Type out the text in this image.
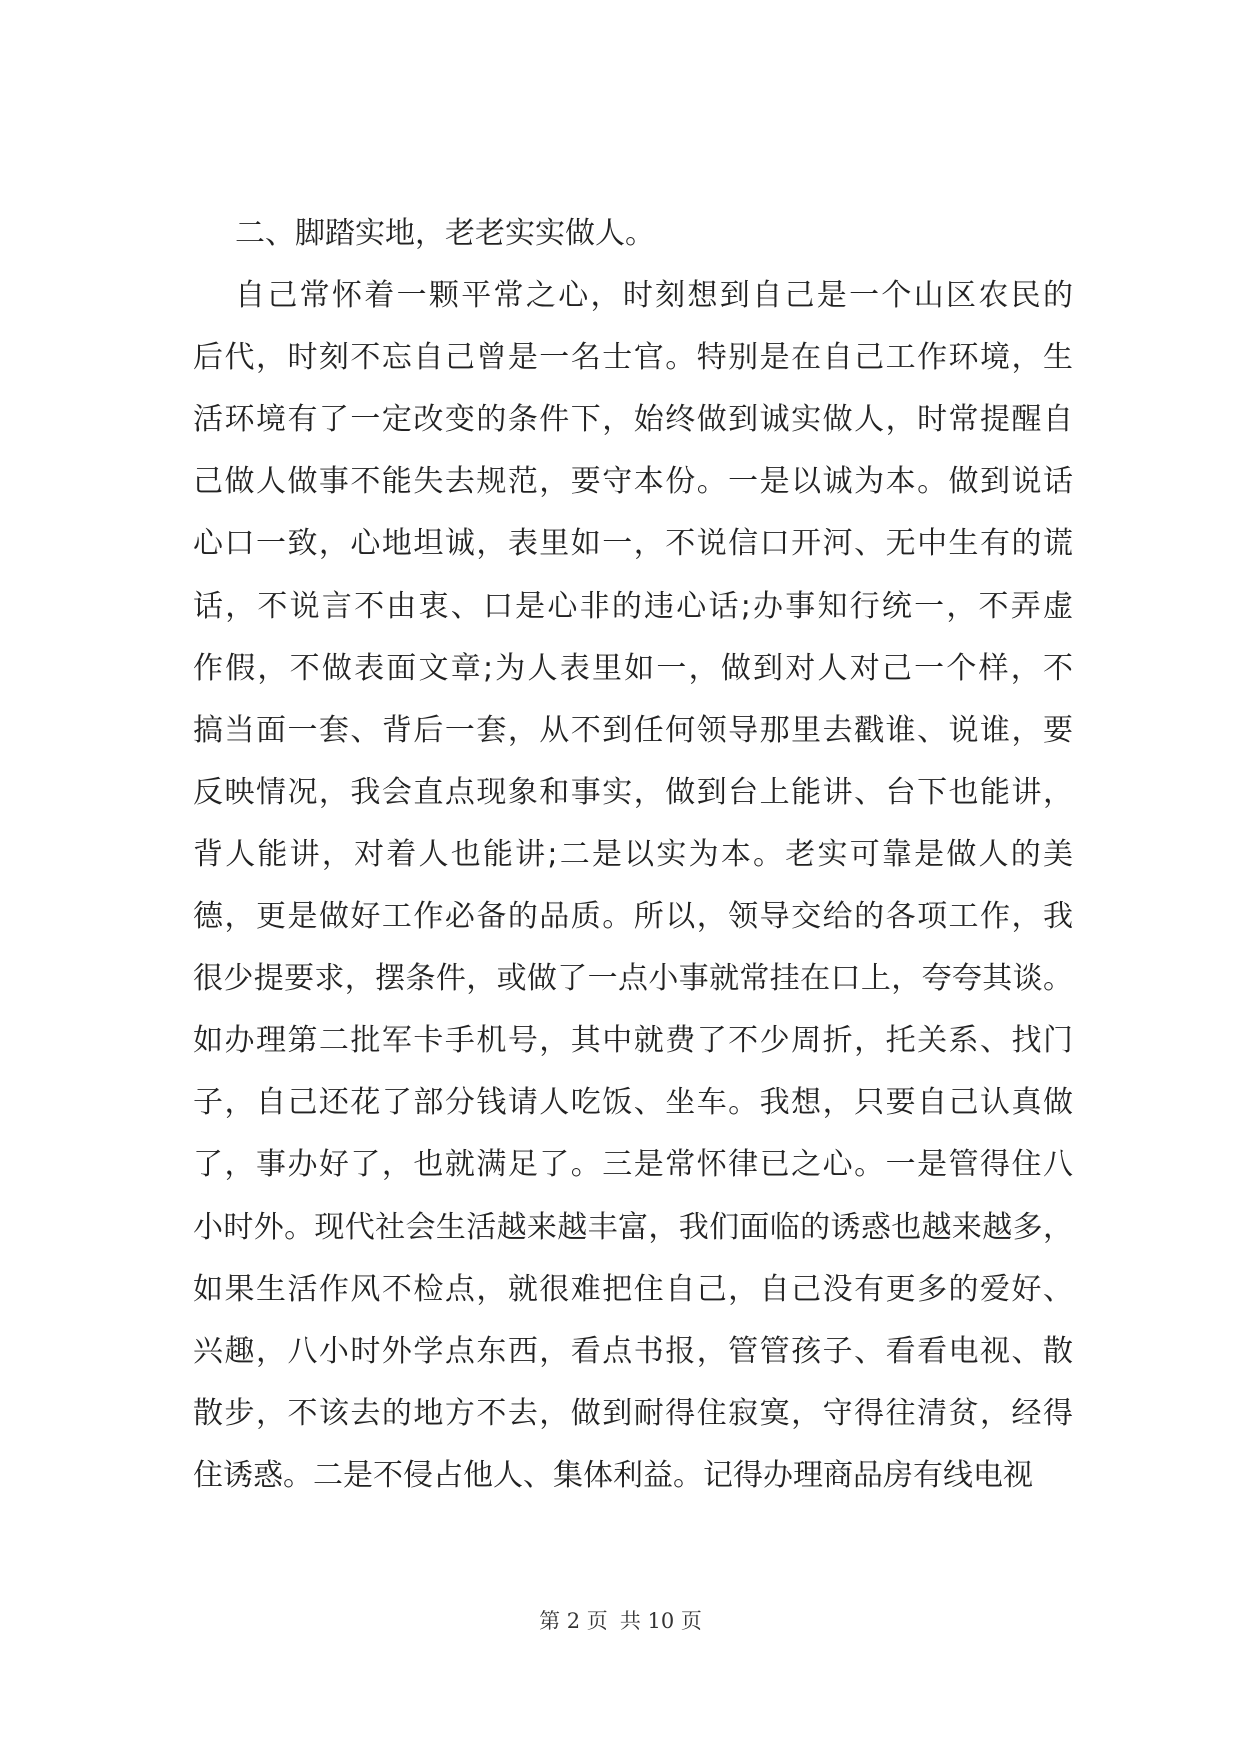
二、脚踏实地，老老实实做人。
自己常怀着一颗平常之心，时刻想到自己是一个山区农民的
后代，时刻不忘自己曾是一名士官。特别是在自己工作环境，生
活环境有了一定改变的条件下，始终做到诚实做人，时常提醒自
己做人做事不能失去规范，要守本份。一是以诚为本。做到说话
心口一致，心地坦诚，表里如一，不说信口开河、无中生有的谎
话，不说言不由衷、口是心非的违心话;办事知行统一，不弄虚
作假，不做表面文章;为人表里如一，做到对人对己一个样，不
搞当面一套、背后一套，从不到任何领导那里去戳谁、说谁，要
反映情况，我会直点现象和事实，做到台上能讲、台下也能讲，
背人能讲，对着人也能讲;二是以实为本。老实可靠是做人的美
德，更是做好工作必备的品质。所以，领导交给的各项工作，我
很少提要求，摆条件，或做了一点小事就常挂在口上，夸夸其谈。
如办理第二批军卡手机号，其中就费了不少周折，托关系、找门
子，自己还花了部分钱请人吃饭、坐车。我想，只要自己认真做
了，事办好了，也就满足了。三是常怀律已之心。一是管得住八
小时外。现代社会生活越来越丰富，我们面临的诱惑也越来越多，
如果生活作风不检点，就很难把住自己，自己没有更多的爱好、
兴趣，八小时外学点东西，看点书报，管管孩子、看看电视、散
散步，不该去的地方不去，做到耐得住寂寞，守得往清贫，经得
住诱惑。二是不侵占他人、集体利益。记得办理商品房有线电视
第 2 页 共 10 页
